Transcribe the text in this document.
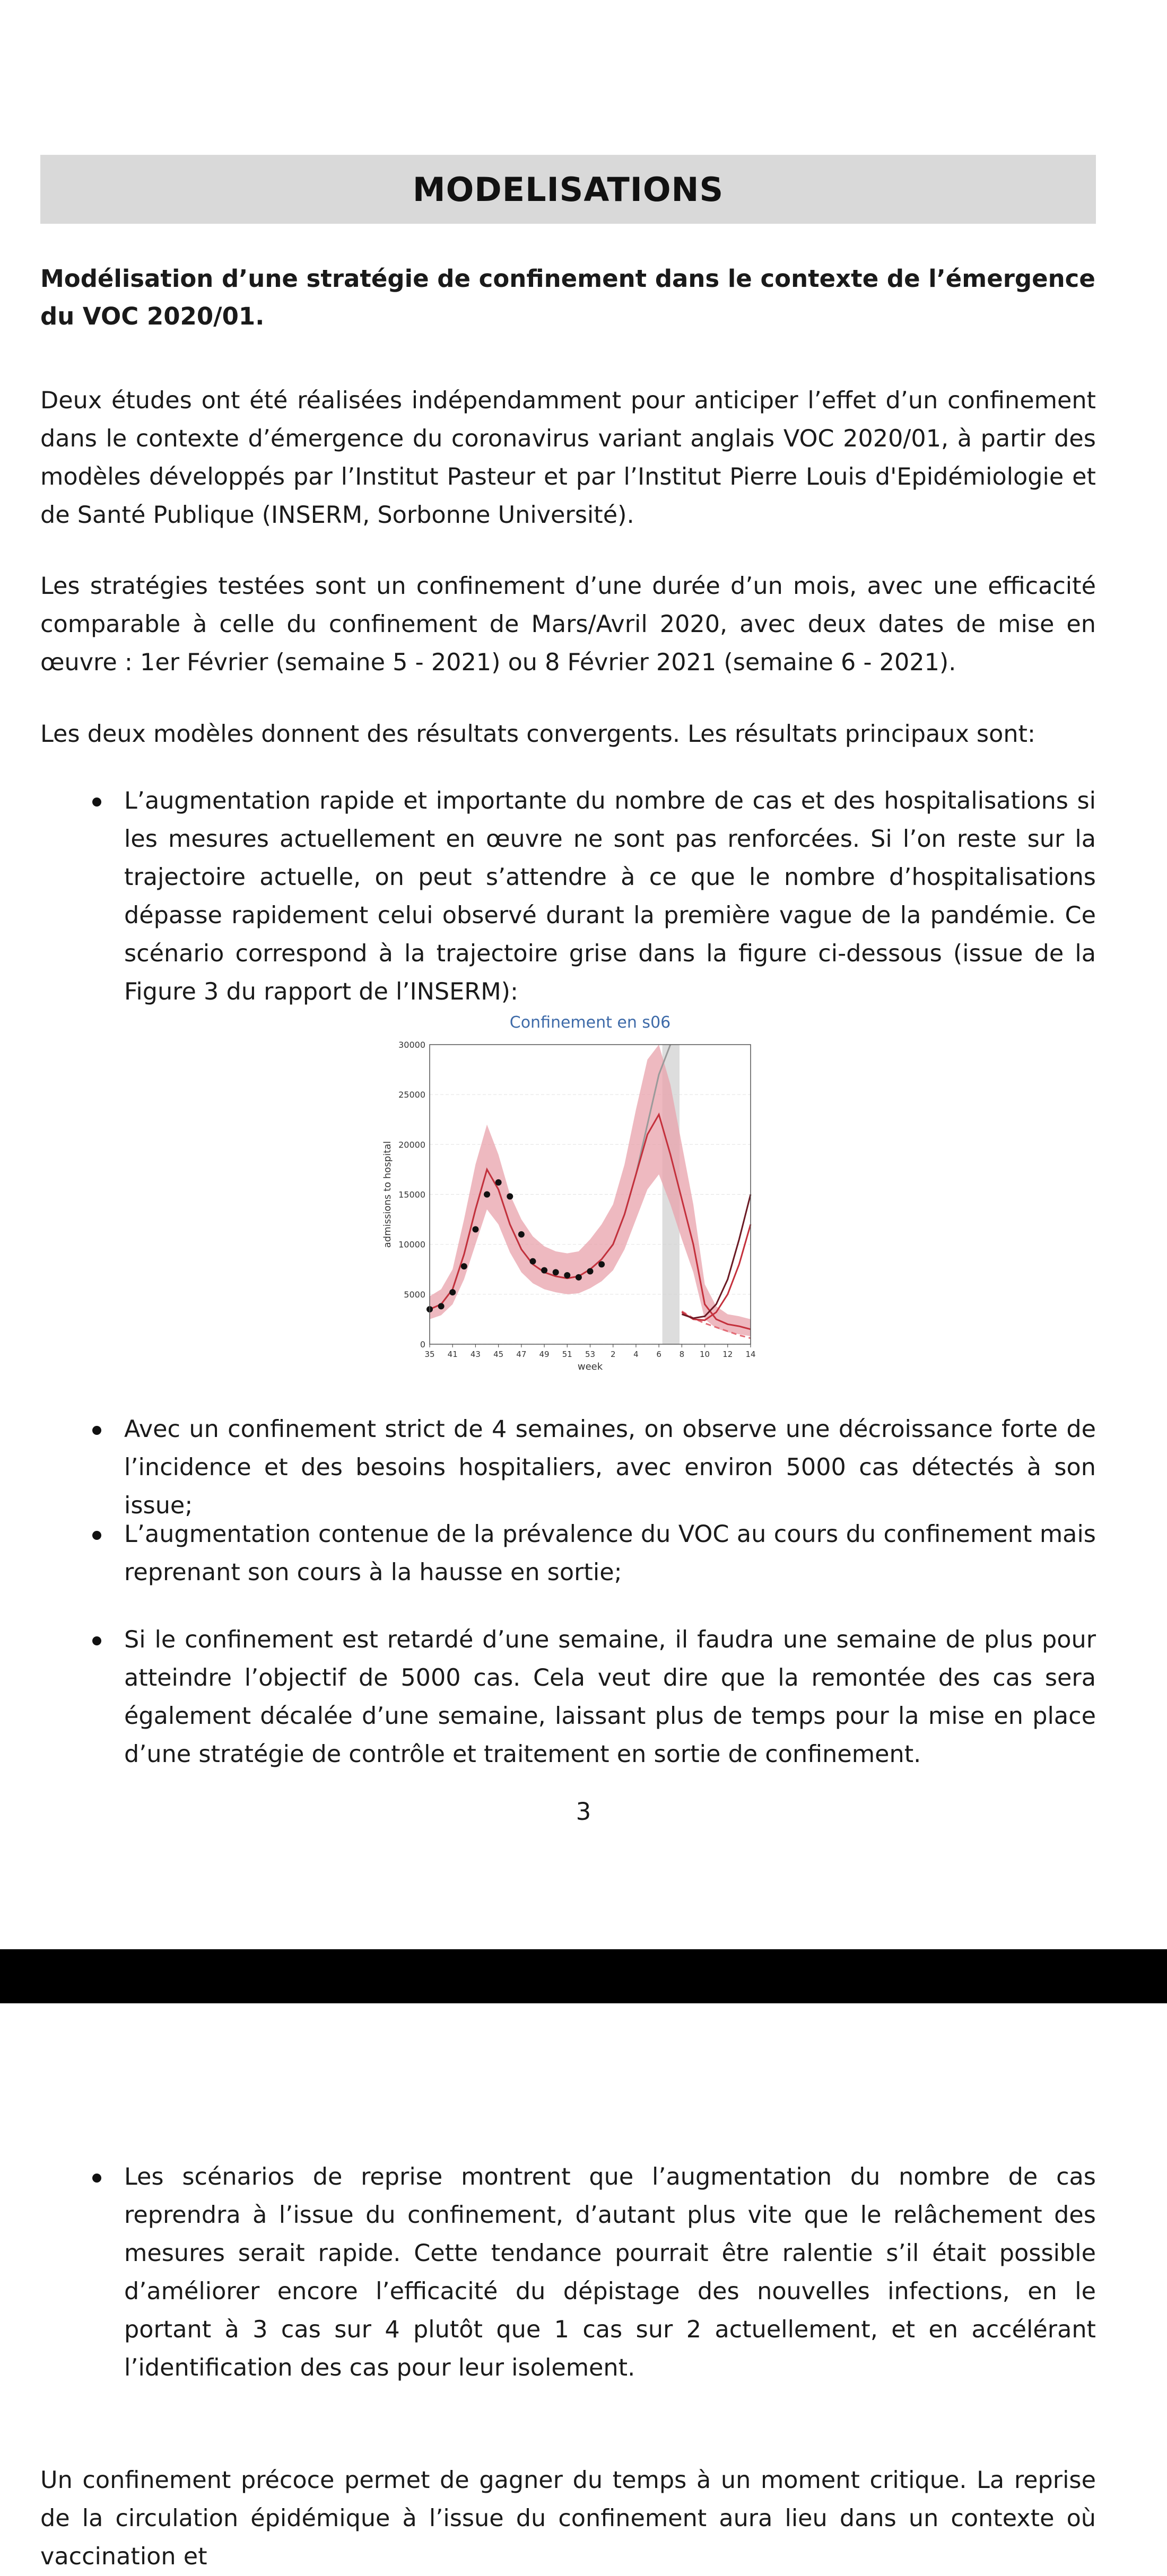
MODELISATIONS
Modélisation d’une stratégie de confinement dans le contexte de l’émergence du VOC 2020/01.
Deux études ont été réalisées indépendamment pour anticiper l’effet d’un confinement dans le contexte d’émergence du coronavirus variant anglais VOC 2020/01, à partir des modèles développés par l’Institut Pasteur et par l’Institut Pierre Louis d'Epidémiologie et de Santé Publique (INSERM, Sorbonne Université).
Les stratégies testées sont un confinement d’une durée d’un mois, avec une efficacité comparable à celle du confinement de Mars/Avril 2020, avec deux dates de mise en œuvre : 1er Février (semaine 5 - 2021) ou 8 Février 2021 (semaine 6 - 2021).
Les deux modèles donnent des résultats convergents. Les résultats principaux sont:
L’augmentation rapide et importante du nombre de cas et des hospitalisations si les mesures actuellement en œuvre ne sont pas renforcées. Si l’on reste sur la trajectoire actuelle, on peut s’attendre à ce que le nombre d’hospitalisations dépasse rapidement celui observé durant la première vague de la pandémie. Ce scénario correspond à la trajectoire grise dans la figure ci-dessous (issue de la Figure 3 du rapport de l’INSERM):
Confinement en s06
0
5000
10000
15000
20000
25000
30000
35 41 43 45 47 49 51 53 2 4 6 8 10 12 14
week
admissions to hospital
Avec un confinement strict de 4 semaines, on observe une décroissance forte de l’incidence et des besoins hospitaliers, avec environ 5000 cas détectés à son issue;
L’augmentation contenue de la prévalence du VOC au cours du confinement mais reprenant son cours à la hausse en sortie;
Si le confinement est retardé d’une semaine, il faudra une semaine de plus pour atteindre l’objectif de 5000 cas. Cela veut dire que la remontée des cas sera également décalée d’une semaine, laissant plus de temps pour la mise en place d’une stratégie de contrôle et traitement en sortie de confinement.
3
Les scénarios de reprise montrent que l’augmentation du nombre de cas reprendra à l’issue du confinement, d’autant plus vite que le relâchement des mesures serait rapide. Cette tendance pourrait être ralentie s’il était possible d’améliorer encore l’efficacité du dépistage des nouvelles infections, en le portant à 3 cas sur 4 plutôt que 1 cas sur 2 actuellement, et en accélérant l’identification des cas pour leur isolement.
Un confinement précoce permet de gagner du temps à un moment critique. La reprise de la circulation épidémique à l’issue du confinement aura lieu dans un contexte où vaccination et
